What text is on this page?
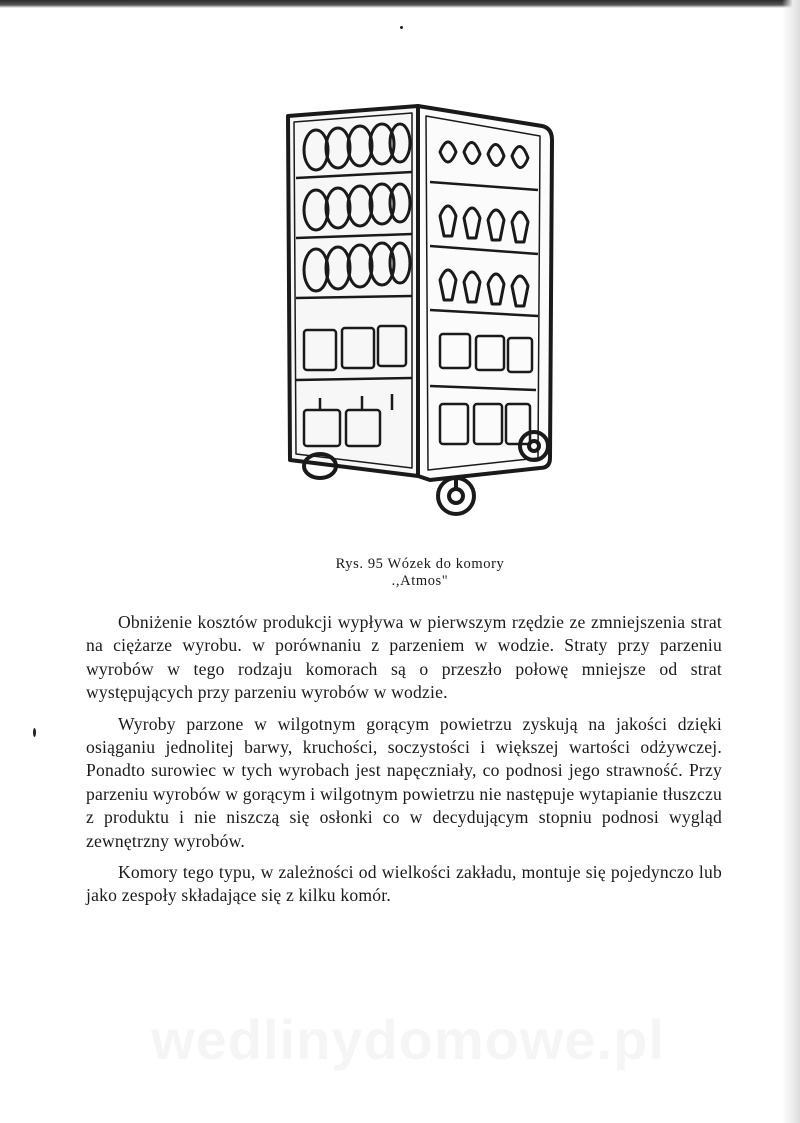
Rys. 95 Wózek do komory
.,Atmos"

Obniżenie kosztów produkcji wypływa w pierwszym rzędzie ze zmniejszenia strat na ciężarze wyrobu. w porównaniu z parzeniem w wodzie. Straty przy parzeniu wyrobów w tego rodzaju komorach są o przeszło połowę mniejsze od strat występujących przy parzeniu wyrobów w wodzie.

Wyroby parzone w wilgotnym gorącym powietrzu zyskują na jakości dzięki osiąganiu jednolitej barwy, kruchości, soczystości i większej wartości odżywczej. Ponadto surowiec w tych wyrobach jest napęczniały, co podnosi jego strawność. Przy parzeniu wyrobów w gorącym i wilgotnym powietrzu nie następuje wytapianie tłuszczu z produktu i nie niszczą się osłonki co w decydującym stopniu podnosi wygląd zewnętrzny wyrobów.

Komory tego typu, w zależności od wielkości zakładu, montuje się pojedynczo lub jako zespoły składające się z kilku komór.

wedlinydomowe.pl
